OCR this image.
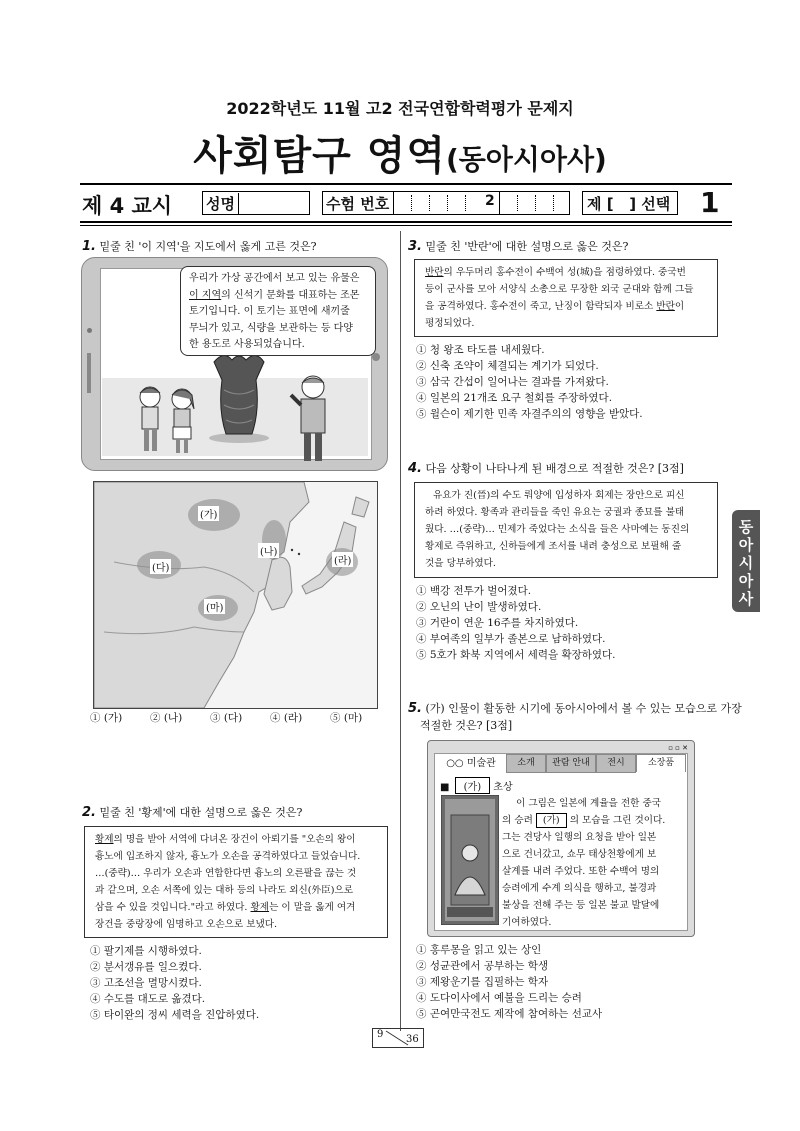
2022학년도 11월 고2 전국연합학력평가 문제지
사회탐구 영역(동아시아사)
제 4 교시 성명	수험 번호	2	제 [   ] 선택 1
동
아
시
아
사
1. 밑줄 친 '이 지역'을 지도에서 옳게 고른 것은?
우리가 가상 공간에서 보고 있는 유물은
이 지역의 신석기 문화를 대표하는 조몬
토기입니다. 이 토기는 표면에 새끼줄
무늬가 있고, 식량을 보관하는 등 다양
한 용도로 사용되었습니다.
(가)
(나)
(다)
(라)
(마)
① (가)	② (나)	③ (다)	④ (라)	⑤ (마)
2. 밑줄 친 '황제'에 대한 설명으로 옳은 것은?
황제의 명을 받아 서역에 다녀온 장건이 아뢰기를 "오손의 왕이
흉노에 입조하지 않자, 흉노가 오손을 공격하였다고 들었습니다.
…(중략)… 우리가 오손과 연합한다면 흉노의 오른팔을 끊는 것
과 같으며, 오손 서쪽에 있는 대하 등의 나라도 외신(外臣)으로
삼을 수 있을 것입니다."라고 하였다. 황제는 이 말을 옳게 여겨
장건을 중랑장에 임명하고 오손으로 보냈다.
① 팔기제를 시행하였다.
② 분서갱유를 일으켰다.
③ 고조선을 멸망시켰다.
④ 수도를 대도로 옮겼다.
⑤ 타이완의 정씨 세력을 진압하였다.
3. 밑줄 친 '반란'에 대한 설명으로 옳은 것은?
반란의 우두머리 홍수전이 수백여 성(城)을 점령하였다. 중국번
등이 군사를 모아 서양식 소총으로 무장한 외국 군대와 함께 그들
을 공격하였다. 홍수전이 죽고, 난징이 함락되자 비로소 반란이
평정되었다.
① 청 왕조 타도를 내세웠다.
② 신축 조약이 체결되는 계기가 되었다.
③ 삼국 간섭이 일어나는 결과를 가져왔다.
④ 일본의 21개조 요구 철회를 주장하였다.
⑤ 윌슨이 제기한 민족 자결주의의 영향을 받았다.
4. 다음 상황이 나타나게 된 배경으로 적절한 것은? [3점]
유요가 진(晉)의 수도 뤄양에 입성하자 회제는 장안으로 피신
하려 하였다. 황족과 관리들을 죽인 유요는 궁궐과 종묘를 불태
웠다. …(중략)… 민제가 죽었다는 소식을 들은 사마예는 동진의
황제로 즉위하고, 신하들에게 조서를 내려 충성으로 보필해 줄
것을 당부하였다.
① 백강 전투가 벌어졌다.
② 오닌의 난이 발생하였다.
③ 거란이 연운 16주를 차지하였다.
④ 부여족의 일부가 졸본으로 남하하였다.
⑤ 5호가 화북 지역에서 세력을 확장하였다.
5. (가) 인물이 활동한 시기에 동아시아에서 볼 수 있는 모습으로 가장
적절한 것은? [3점]
▫ ▫ ✕
○○ 미술관	소개	관람 안내	전시	소장품
■ (가) 초상
이 그림은 일본에 계율을 전한 중국
의 승려 (가) 의 모습을 그린 것이다.
그는 견당사 일행의 요청을 받아 일본
으로 건너갔고, 쇼무 태상천황에게 보
살계를 내려 주었다. 또한 수백여 명의
승려에게 수계 의식을 행하고, 불경과
불상을 전해 주는 등 일본 불교 발달에
기여하였다.
① 홍루몽을 읽고 있는 상인
② 성균관에서 공부하는 학생
③ 제왕운기를 집필하는 학자
④ 도다이사에서 예불을 드리는 승려
⑤ 곤여만국전도 제작에 참여하는 선교사
9 36
